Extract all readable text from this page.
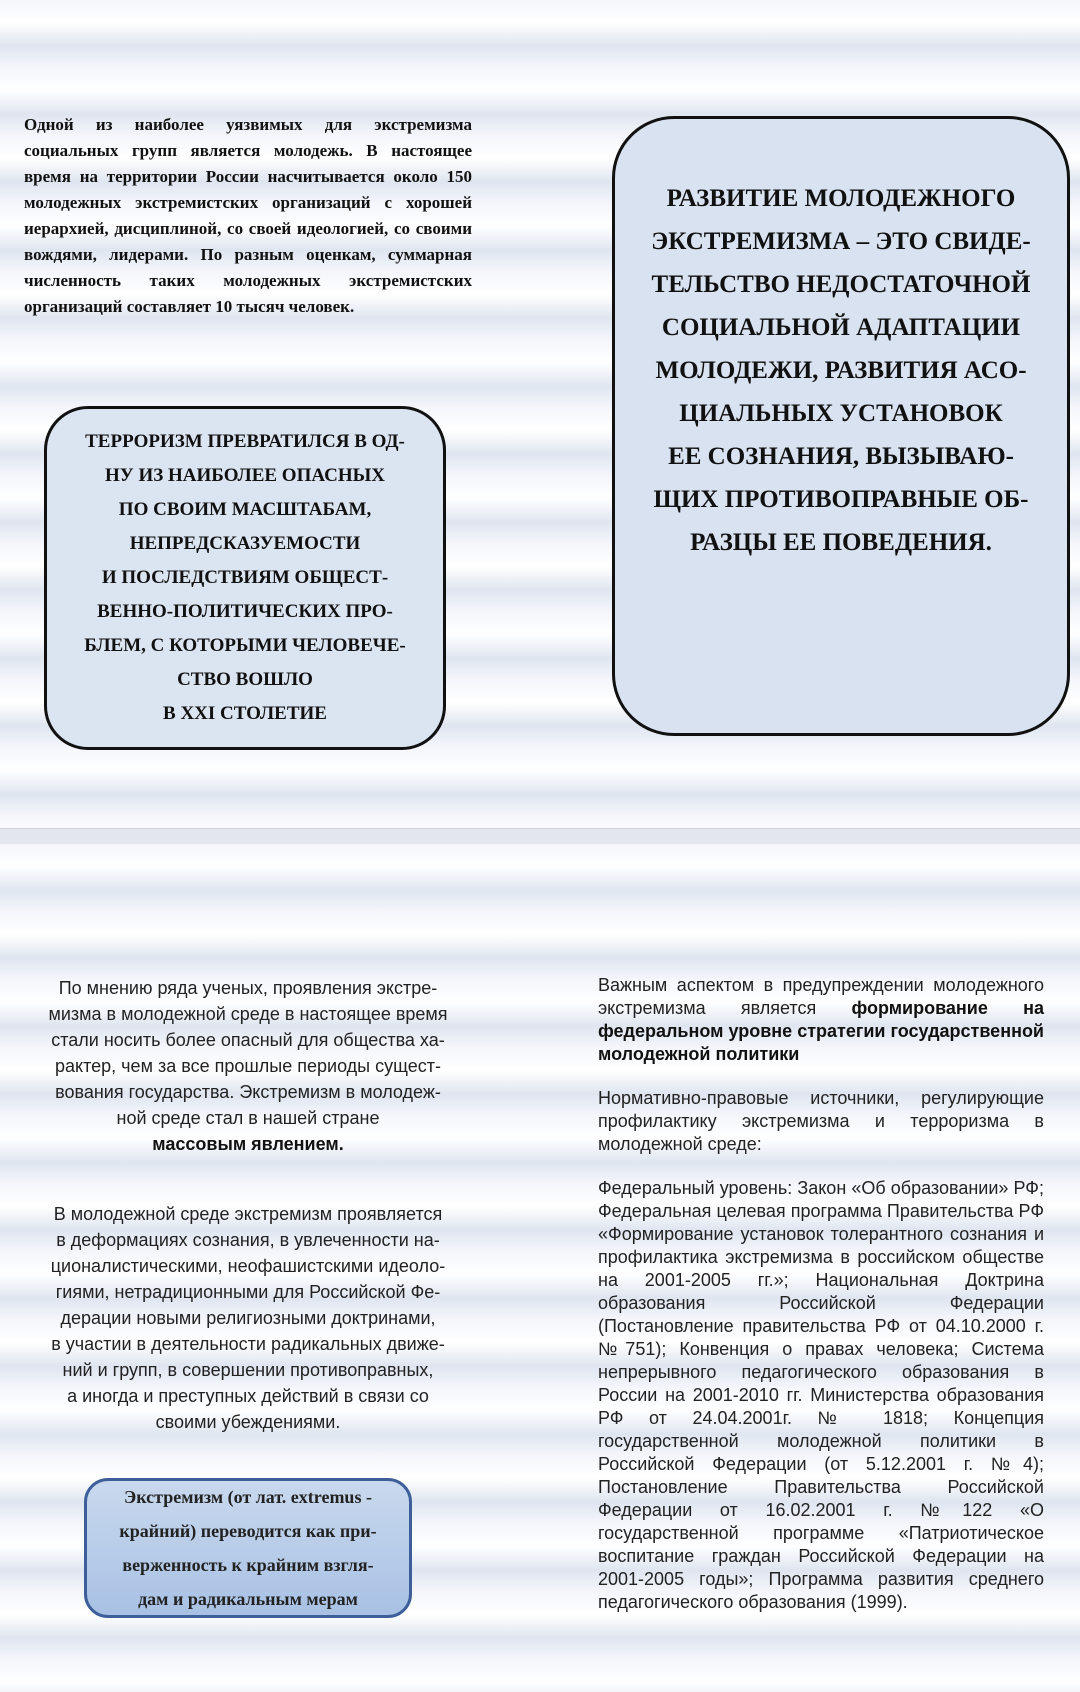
Одной из наиболее уязвимых для экстремизма социальных групп является молодежь. В настоящее время на территории России насчитывается около 150 молодежных экстремистских организаций с хорошей иерархией, дисциплиной, со своей идеологией, со своими вождями, лидерами. По разным оценкам, суммарная численность таких молодежных экстремистских организаций составляет 10 тысяч человек.
ТЕРРОРИЗМ ПРЕВРАТИЛСЯ В ОД-
НУ ИЗ НАИБОЛЕЕ ОПАСНЫХ
ПО СВОИМ МАСШТАБАМ,
НЕПРЕДСКАЗУЕМОСТИ
И ПОСЛЕДСТВИЯМ ОБЩЕСТ-
ВЕННО-ПОЛИТИЧЕСКИХ ПРО-
БЛЕМ, С КОТОРЫМИ ЧЕЛОВЕЧЕ-
СТВО ВОШЛО
В XXI СТОЛЕТИЕ
РАЗВИТИЕ МОЛОДЕЖНОГО
ЭКСТРЕМИЗМА – ЭТО СВИДЕ-
ТЕЛЬСТВО НЕДОСТАТОЧНОЙ
СОЦИАЛЬНОЙ АДАПТАЦИИ
МОЛОДЕЖИ, РАЗВИТИЯ АСО-
ЦИАЛЬНЫХ УСТАНОВОК
ЕЕ СОЗНАНИЯ, ВЫЗЫВАЮ-
ЩИХ ПРОТИВОПРАВНЫЕ ОБ-
РАЗЦЫ ЕЕ ПОВЕДЕНИЯ.
По мнению ряда ученых, проявления экстре-
мизма в молодежной среде в настоящее время
стали носить более опасный для общества ха-
рактер, чем за все прошлые периоды сущест-
вования государства. Экстремизм в молодеж-
ной среде стал в нашей стране
массовым явлением.
В молодежной среде экстремизм проявляется
в деформациях сознания, в увлеченности на-
ционалистическими, неофашистскими идеоло-
гиями, нетрадиционными для Российской Фе-
дерации новыми религиозными доктринами,
в участии в деятельности радикальных движе-
ний и групп, в совершении противоправных,
а иногда и преступных действий в связи со
своими убеждениями.
Экстремизм (от лат. extremus -
крайний) переводится как при-
верженность к крайним взгля-
дам и радикальным мерам
Важным аспектом в предупреждении молодежного экстремизма является формирование на федеральном уровне стратегии государственной молодежной политики
Нормативно-правовые источники, регулирующие профилактику экстремизма и терроризма в молодежной среде:
Федеральный уровень: Закон «Об образовании» РФ; Федеральная целевая программа Правительства РФ «Формирование установок толерантного сознания и профилактика экстремизма в российском обществе на 2001-2005 гг.»; Национальная Доктрина образования Российской Федерации (Постановление правительства РФ от 04.10.2000 г. №751); Конвенция о правах человека; Система непрерывного педагогического образования в России на 2001-2010 гг. Министерства образования РФ от 24.04.2001г. № 1818; Концепция государственной молодежной политики в Российской Федерации (от 5.12.2001 г. №4); Постановление Правительства Российской Федерации от 16.02.2001 г. №122 «О государственной программе «Патриотическое воспитание граждан Российской Федерации на 2001-2005 годы»; Программа развития среднего педагогического образования (1999).
